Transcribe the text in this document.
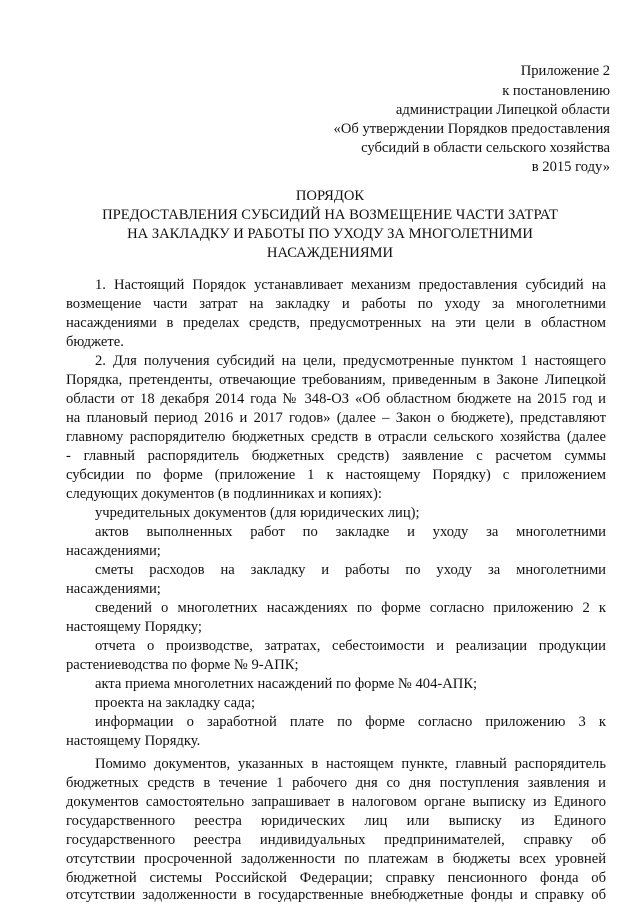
Приложение 2
к постановлению
администрации Липецкой области
«Об утверждении Порядков предоставления
субсидий в области сельского хозяйства
в 2015 году»
ПОРЯДОК
ПРЕДОСТАВЛЕНИЯ СУБСИДИЙ НА ВОЗМЕЩЕНИЕ ЧАСТИ ЗАТРАТ
НА ЗАКЛАДКУ И РАБОТЫ ПО УХОДУ ЗА МНОГОЛЕТНИМИ
НАСАЖДЕНИЯМИ
1. Настоящий Порядок устанавливает механизм предоставления субсидий на
возмещение части затрат на закладку и работы по уходу за многолетними
насаждениями в пределах средств, предусмотренных на эти цели в областном
бюджете.
2. Для получения субсидий на цели, предусмотренные пунктом 1 настоящего
Порядка, претенденты, отвечающие требованиям, приведенным в Законе Липецкой
области от 18 декабря 2014 года № 348-ОЗ «Об областном бюджете на 2015 год и
на плановый период 2016 и 2017 годов» (далее – Закон о бюджете), представляют
главному распорядителю бюджетных средств в отрасли сельского хозяйства (далее
- главный распорядитель бюджетных средств) заявление с расчетом суммы
субсидии по форме (приложение 1 к настоящему Порядку) с приложением
следующих документов (в подлинниках и копиях):
учредительных документов (для юридических лиц);
актов выполненных работ по закладке и уходу за многолетними
насаждениями;
сметы расходов на закладку и работы по уходу за многолетними
насаждениями;
сведений о многолетних насаждениях по форме согласно приложению 2 к
настоящему Порядку;
отчета о производстве, затратах, себестоимости и реализации продукции
растениеводства по форме № 9-АПК;
акта приема многолетних насаждений по форме № 404-АПК;
проекта на закладку сада;
информации о заработной плате по форме согласно приложению 3 к
настоящему Порядку.
Помимо документов, указанных в настоящем пункте, главный распорядитель
бюджетных средств в течение 1 рабочего дня со дня поступления заявления и
документов самостоятельно запрашивает в налоговом органе выписку из Единого
государственного реестра юридических лиц или выписку из Единого
государственного реестра индивидуальных предпринимателей, справку об
отсутствии просроченной задолженности по платежам в бюджеты всех уровней
бюджетной системы Российской Федерации; справку пенсионного фонда об
отсутствии задолженности в государственные внебюджетные фонды и справку об
